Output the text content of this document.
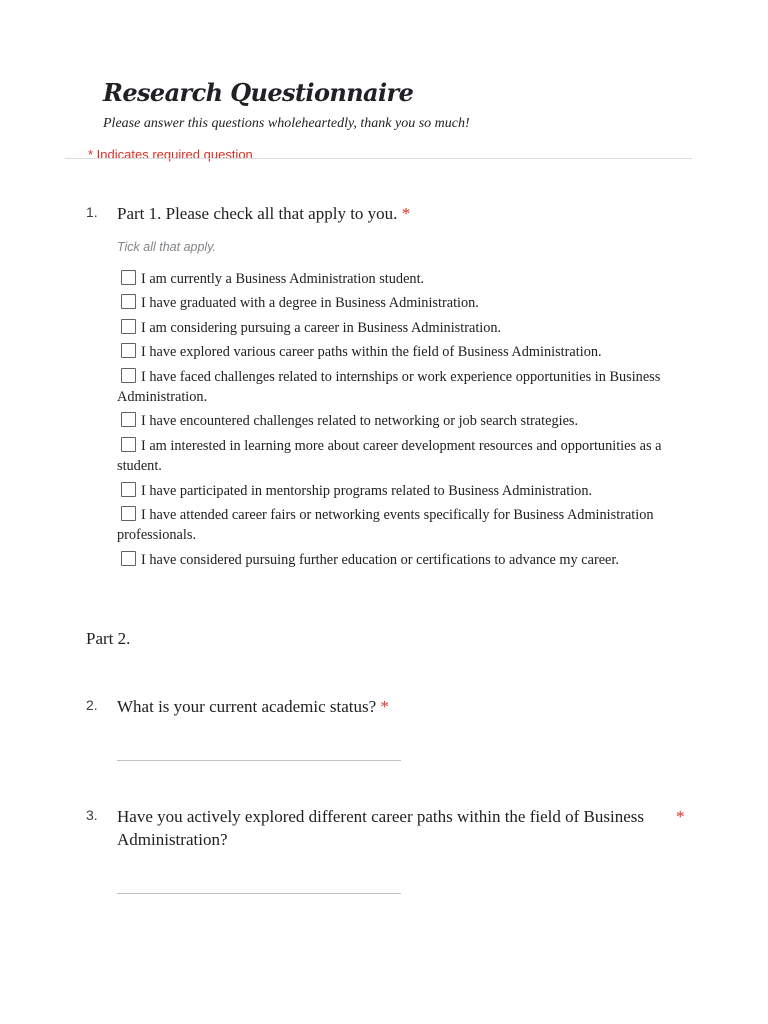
Research Questionnaire
Please answer this questions wholeheartedly, thank you so much!
* Indicates required question
1. Part 1. Please check all that apply to you. *
Tick all that apply.
I am currently a Business Administration student.
I have graduated with a degree in Business Administration.
I am considering pursuing a career in Business Administration.
I have explored various career paths within the field of Business Administration.
I have faced challenges related to internships or work experience opportunities in Business Administration.
I have encountered challenges related to networking or job search strategies.
I am interested in learning more about career development resources and opportunities as a student.
I have participated in mentorship programs related to Business Administration.
I have attended career fairs or networking events specifically for Business Administration professionals.
I have considered pursuing further education or certifications to advance my career.
Part 2.
2. What is your current academic status? *
3. Have you actively explored different career paths within the field of Business Administration?
*
